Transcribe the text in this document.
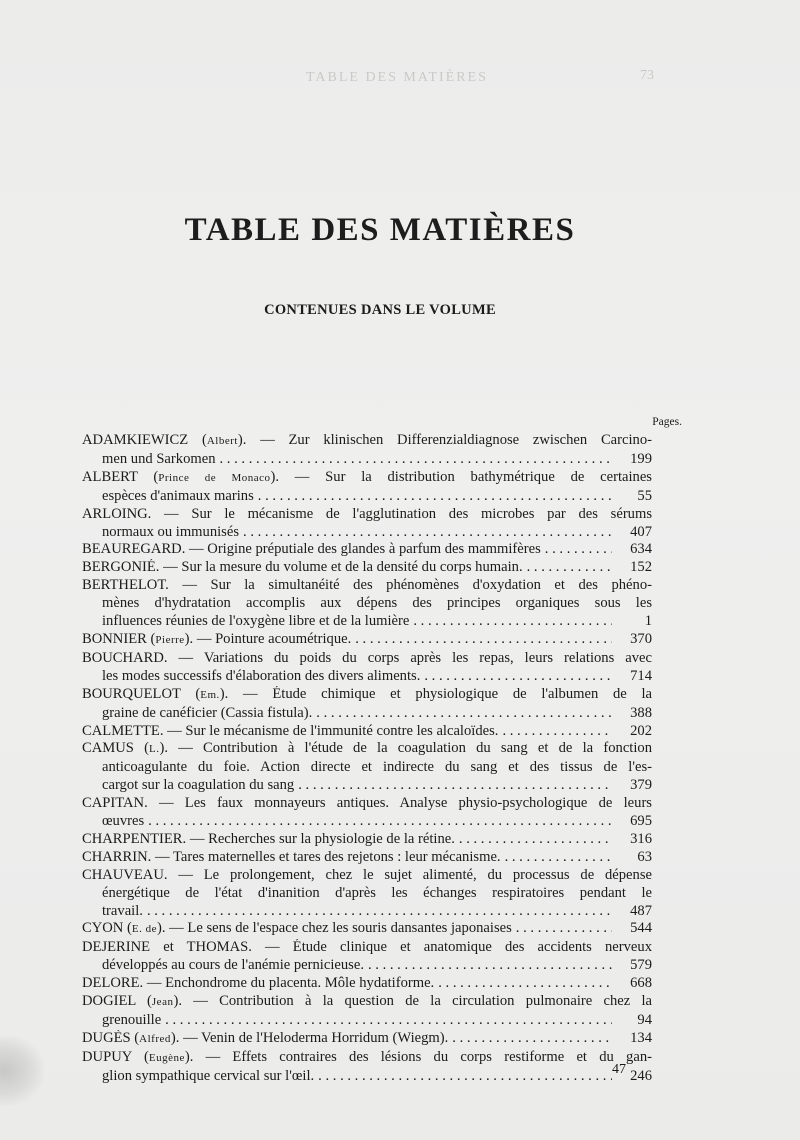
73
TABLE DES MATIÈRES
TABLE DES MATIÈRES
CONTENUES DANS LE VOLUME
Pages.
ADAMKIEWICZ (Albert). — Zur klinischen Differenzialdiagnose zwischen Carcino-
men und Sarkomen . . .	199
ALBERT (Prince de Monaco). — Sur la distribution bathymétrique de certaines
espèces d'animaux marins . . .	55
ARLOING. — Sur le mécanisme de l'agglutination des microbes par des sérums
normaux ou immunisés . . .	407
BEAUREGARD. — Origine préputiale des glandes à parfum des mammifères . . .	634
BERGONIÉ. — Sur la mesure du volume et de la densité du corps humain. . . .	152
BERTHELOT. — Sur la simultanéité des phénomènes d'oxydation et des phéno-
mènes d'hydratation accomplis aux dépens des principes organiques sous les
influences réunies de l'oxygène libre et de la lumière . . .	1
BONNIER (Pierre). — Pointure acoumétrique. . . .	370
BOUCHARD. — Variations du poids du corps après les repas, leurs relations avec
les modes successifs d'élaboration des divers aliments. . . .	714
BOURQUELOT (Em.). — Étude chimique et physiologique de l'albumen de la
graine de canéficier (Cassia fistula). . . .	388
CALMETTE. — Sur le mécanisme de l'immunité contre les alcaloïdes. . . .	202
CAMUS (L.). — Contribution à l'étude de la coagulation du sang et de la fonction
anticoagulante du foie. Action directe et indirecte du sang et des tissus de l'es-
cargot sur la coagulation du sang . . .	379
CAPITAN. — Les faux monnayeurs antiques. Analyse physio-psychologique de leurs
œuvres . . .	695
CHARPENTIER. — Recherches sur la physiologie de la rétine. . . .	316
CHARRIN. — Tares maternelles et tares des rejetons : leur mécanisme. . . .	63
CHAUVEAU. — Le prolongement, chez le sujet alimenté, du processus de dépense
énergétique de l'état d'inanition d'après les échanges respiratoires pendant le
travail. . . .	487
CYON (E. de). — Le sens de l'espace chez les souris dansantes japonaises . . .	544
DEJERINE et THOMAS. — Étude clinique et anatomique des accidents nerveux
développés au cours de l'anémie pernicieuse. . . .	579
DELORE. — Enchondrome du placenta. Môle hydatiforme. . . .	668
DOGIEL (Jean). — Contribution à la question de la circulation pulmonaire chez la
grenouille . . .	94
DUGÈS (Alfred). — Venin de l'Heloderma Horridum (Wiegm). . . .	134
DUPUY (Eugène). — Effets contraires des lésions du corps restiforme et du gan-
glion sympathique cervical sur l'œil. . . .	246
47
